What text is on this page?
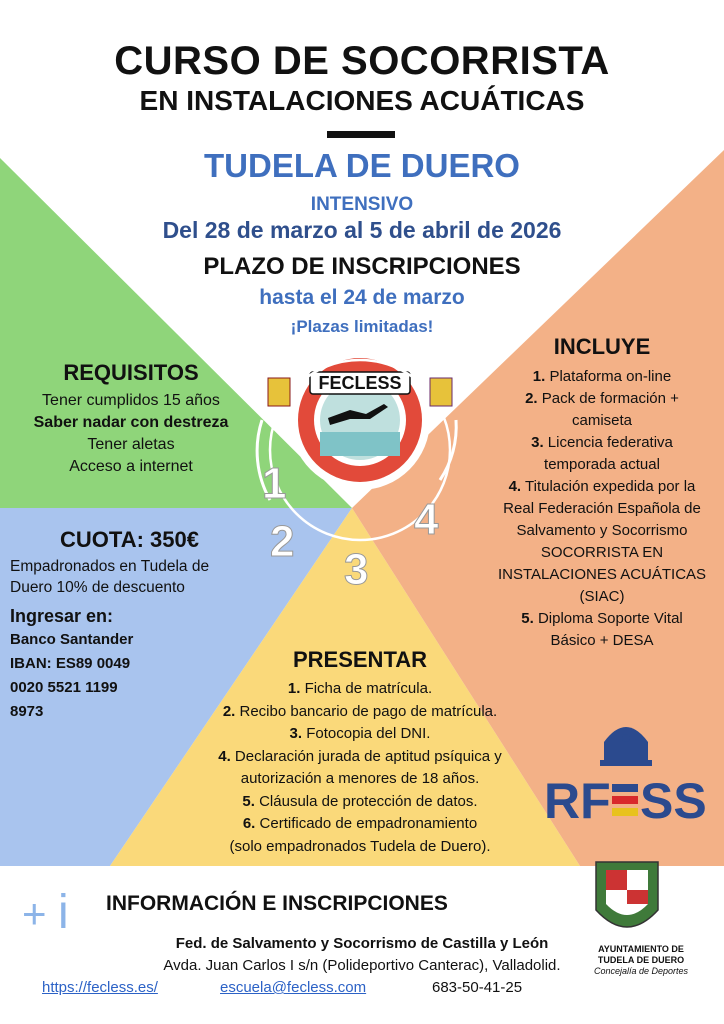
FECLESS
1
2
3
4
RF SS
+ i
CURSO DE SOCORRISTA
EN INSTALACIONES ACUÁTICAS
TUDELA DE DUERO
INTENSIVO
Del 28 de marzo al 5 de abril de 2026
PLAZO DE INSCRIPCIONES
hasta el 24 de marzo
¡Plazas limitadas!
REQUISITOS
Tener cumplidos 15 años
Saber nadar con destreza
Tener aletas
Acceso a internet
CUOTA: 350€
Empadronados en Tudela de
Duero 10% de descuento
Ingresar en:
Banco Santander
IBAN: ES89 0049
0020 5521 1199
8973
INCLUYE
1. Plataforma on-line
2. Pack de formación +
camiseta
3. Licencia federativa
temporada actual
4. Titulación expedida por la
Real Federación Española de
Salvamento y Socorrismo
SOCORRISTA EN
INSTALACIONES ACUÁTICAS
(SIAC)
5. Diploma Soporte Vital
Básico + DESA
PRESENTAR
1. Ficha de matrícula.
2. Recibo bancario de pago de matrícula.
3. Fotocopia del DNI.
4. Declaración jurada de aptitud psíquica y
autorización a menores de 18 años.
5. Cláusula de protección de datos.
6. Certificado de empadronamiento
(solo empadronados Tudela de Duero).
AYUNTAMIENTO DE
TUDELA DE DUERO
Concejalía de Deportes
INFORMACIÓN E INSCRIPCIONES
Fed. de Salvamento y Socorrismo de Castilla y León
Avda. Juan Carlos I s/n (Polideportivo Canterac), Valladolid.
https://fecless.es/	escuela@fecless.com	683-50-41-25
